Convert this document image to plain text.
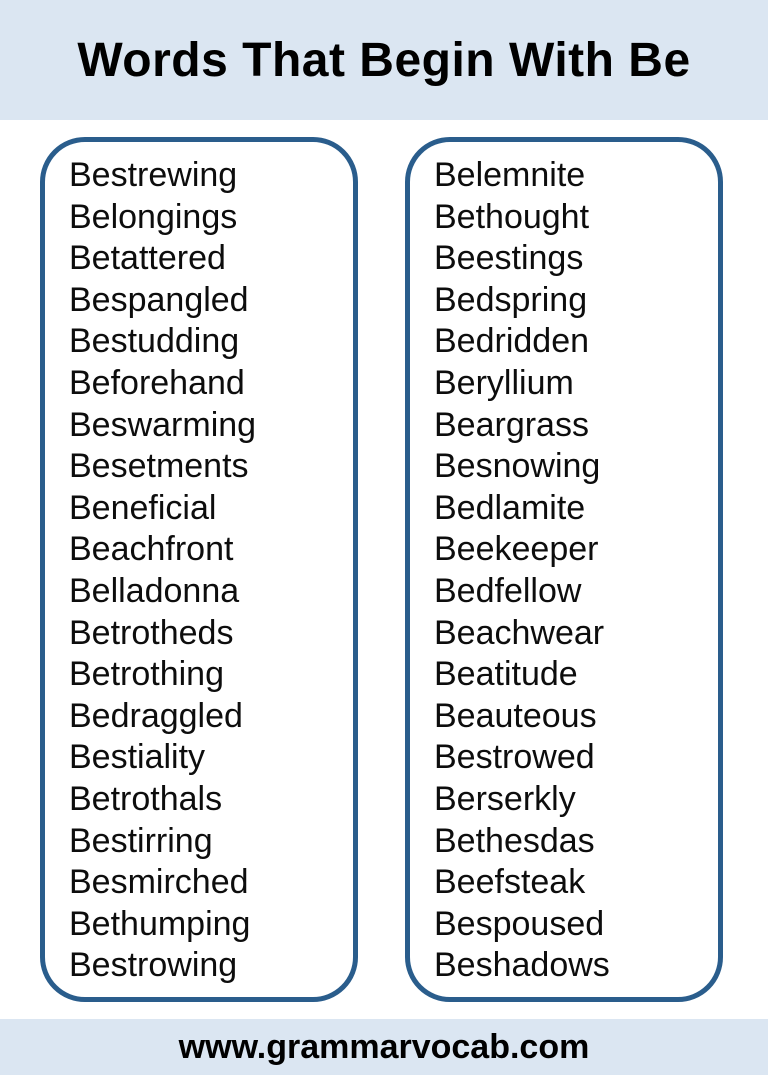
Words That Begin With Be
Bestrewing
Belongings
Betattered
Bespangled
Bestudding
Beforehand
Beswarming
Besetments
Beneficial
Beachfront
Belladonna
Betrotheds
Betrothing
Bedraggled
Bestiality
Betrothals
Bestirring
Besmirched
Bethumping
Bestrowing
Belemnite
Bethought
Beestings
Bedspring
Bedridden
Beryllium
Beargrass
Besnowing
Bedlamite
Beekeeper
Bedfellow
Beachwear
Beatitude
Beauteous
Bestrowed
Berserkly
Bethesdas
Beefsteak
Bespoused
Beshadows
www.grammarvocab.com
